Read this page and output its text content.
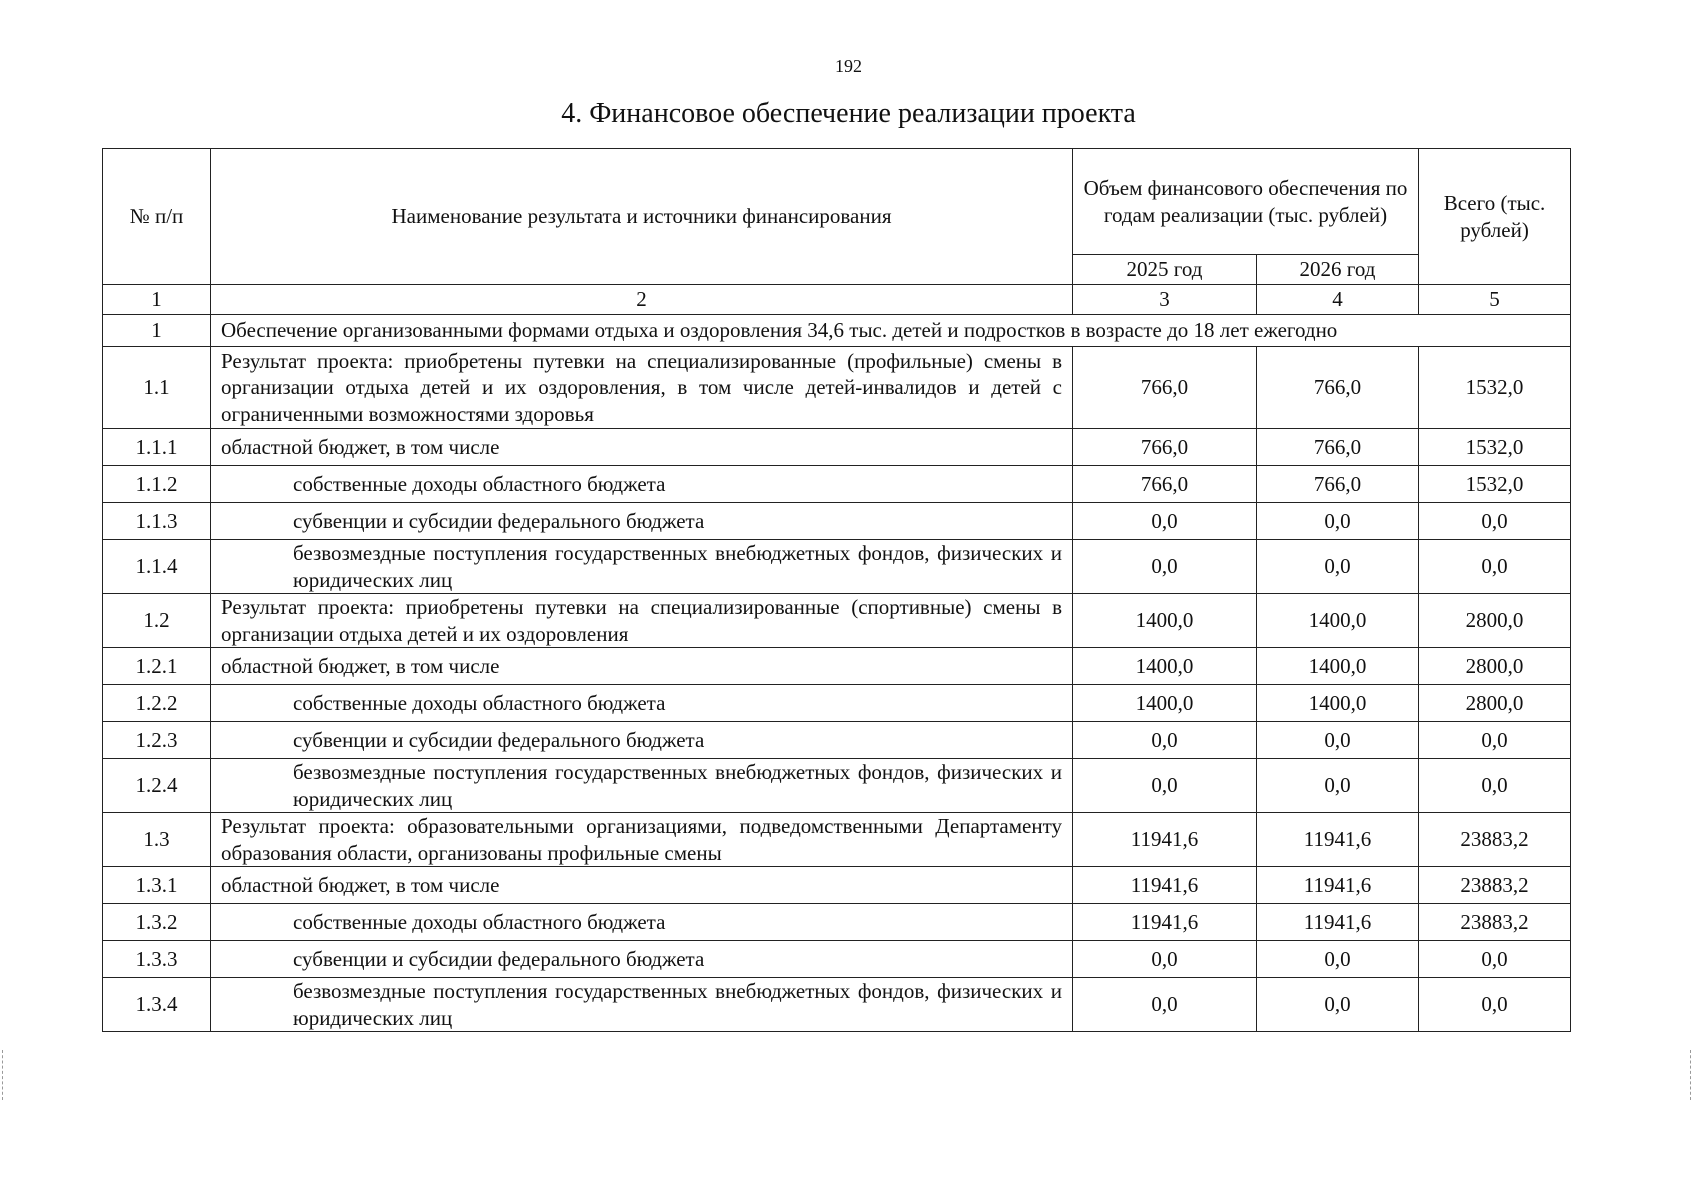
192
4. Финансовое обеспечение реализации проекта
№ п/п	Наименование результата и источники финансирования	Объем финансового обеспечения по годам реализации (тыс. рублей)		Всего (тыс. рублей)
		2025 год	2026 год	
1	2	3	4	5
1	Обеспечение организованными формами отдыха и оздоровления 34,6 тыс. детей и подростков в возрасте до 18 лет ежегодно			
1.1	Результат проекта: приобретены путевки на специализированные (профильные) смены в организации отдыха детей и их оздоровления, в том числе детей-инвалидов и детей с ограниченными возможностями здоровья	766,0	766,0	1532,0
1.1.1	областной бюджет, в том числе	766,0	766,0	1532,0
1.1.2	собственные доходы областного бюджета	766,0	766,0	1532,0
1.1.3	субвенции и субсидии федерального бюджета	0,0	0,0	0,0
1.1.4	безвозмездные поступления государственных внебюджетных фондов, физических и юридических лиц	0,0	0,0	0,0
1.2	Результат проекта: приобретены путевки на специализированные (спортивные) смены в организации отдыха детей и их оздоровления	1400,0	1400,0	2800,0
1.2.1	областной бюджет, в том числе	1400,0	1400,0	2800,0
1.2.2	собственные доходы областного бюджета	1400,0	1400,0	2800,0
1.2.3	субвенции и субсидии федерального бюджета	0,0	0,0	0,0
1.2.4	безвозмездные поступления государственных внебюджетных фондов, физических и юридических лиц	0,0	0,0	0,0
1.3	Результат проекта: образовательными организациями, подведомственными Департаменту образования области, организованы профильные смены	11941,6	11941,6	23883,2
1.3.1	областной бюджет, в том числе	11941,6	11941,6	23883,2
1.3.2	собственные доходы областного бюджета	11941,6	11941,6	23883,2
1.3.3	субвенции и субсидии федерального бюджета	0,0	0,0	0,0
1.3.4	безвозмездные поступления государственных внебюджетных фондов, физических и юридических лиц	0,0	0,0	0,0
